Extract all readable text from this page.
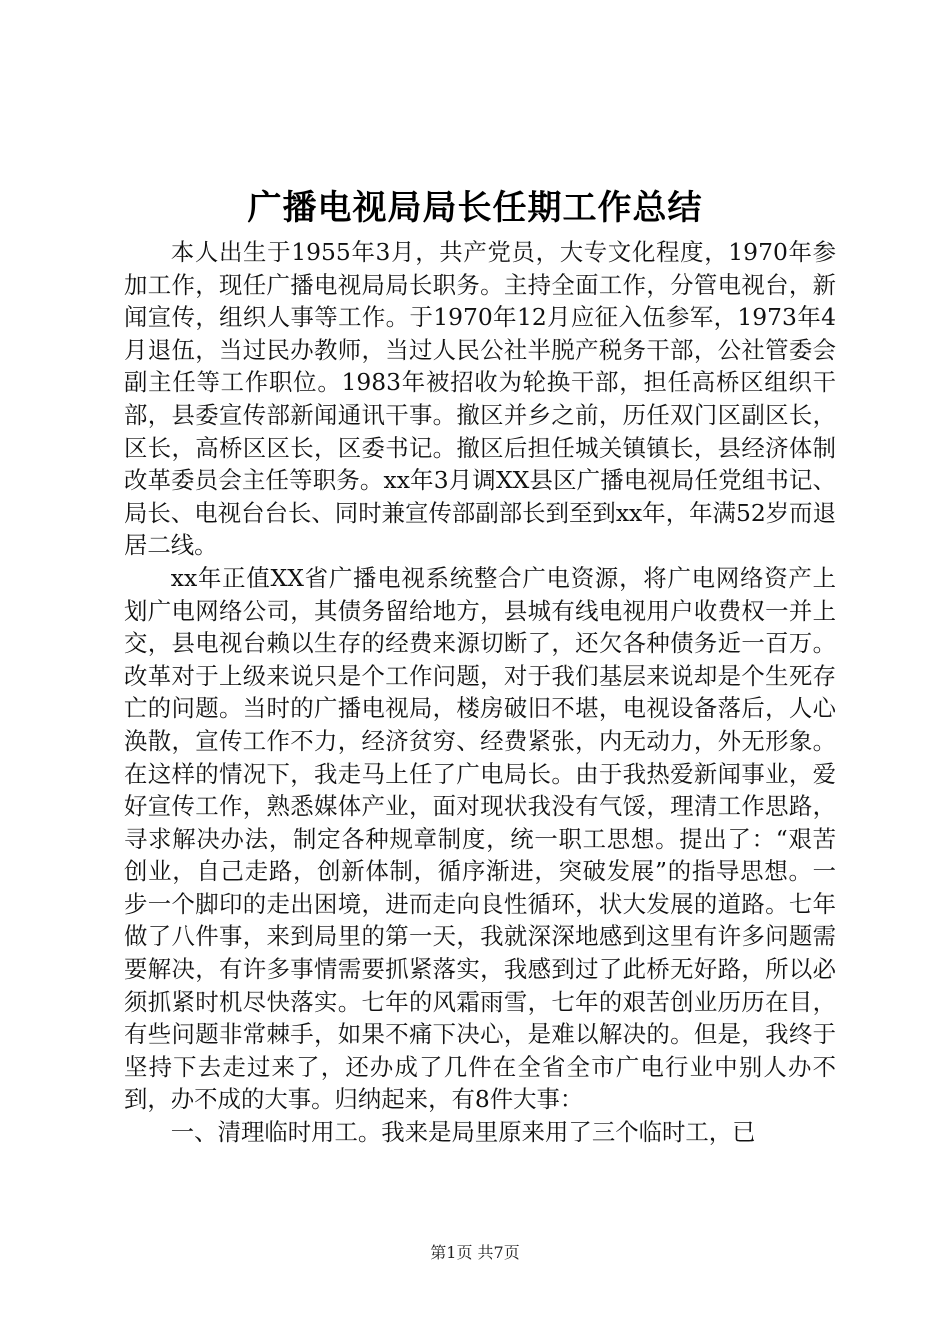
广播电视局局长任期工作总结

本人出生于1955年3月，共产党员，大专文化程度，1970年参加工作，现任广播电视局局长职务。主持全面工作，分管电视台，新闻宣传，组织人事等工作。于1970年12月应征入伍参军，1973年4月退伍，当过民办教师，当过人民公社半脱产税务干部，公社管委会副主任等工作职位。1983年被招收为轮换干部，担任高桥区组织干部，县委宣传部新闻通讯干事。撤区并乡之前，历任双门区副区长，区长，高桥区区长，区委书记。撤区后担任城关镇镇长，县经济体制改革委员会主任等职务。xx年3月调XX县区广播电视局任党组书记、局长、电视台台长、同时兼宣传部副部长到至到xx年，年满52岁而退居二线。

xx年正值XX省广播电视系统整合广电资源，将广电网络资产上划广电网络公司，其债务留给地方，县城有线电视用户收费权一并上交，县电视台赖以生存的经费来源切断了，还欠各种债务近一百万。改革对于上级来说只是个工作问题，对于我们基层来说却是个生死存亡的问题。当时的广播电视局，楼房破旧不堪，电视设备落后，人心涣散，宣传工作不力，经济贫穷、经费紧张，内无动力，外无形象。在这样的情况下，我走马上任了广电局长。由于我热爱新闻事业，爱好宣传工作，熟悉媒体产业，面对现状我没有气馁，理清工作思路，寻求解决办法，制定各种规章制度，统一职工思想。提出了：“艰苦创业，自己走路，创新体制，循序渐进，突破发展”的指导思想。一步一个脚印的走出困境，进而走向良性循环，状大发展的道路。七年做了八件事，来到局里的第一天，我就深深地感到这里有许多问题需要解决，有许多事情需要抓紧落实，我感到过了此桥无好路，所以必须抓紧时机尽快落实。七年的风霜雨雪，七年的艰苦创业历历在目，有些问题非常棘手，如果不痛下决心，是难以解决的。但是，我终于坚持下去走过来了，还办成了几件在全省全市广电行业中别人办不到，办不成的大事。归纳起来，有8件大事：

一、清理临时用工。我来是局里原来用了三个临时工，已

第1页 共7页
